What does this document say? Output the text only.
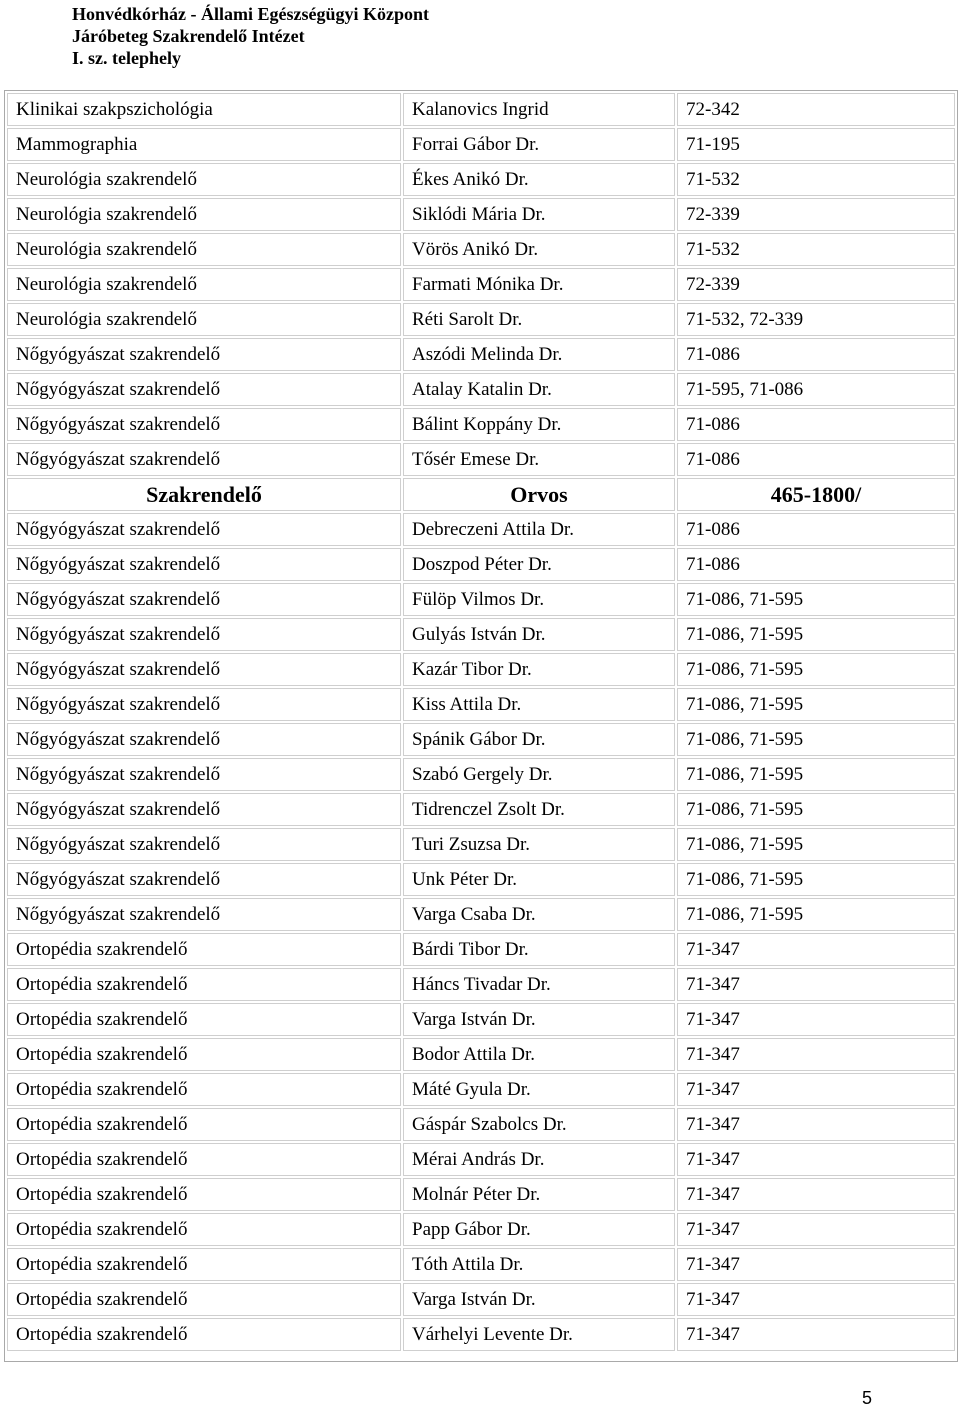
Honvédkórház - Állami Egészségügyi Központ
Járóbeteg Szakrendelő Intézet
I. sz. telephely
Klinikai szakpszichológia	Kalanovics Ingrid	72-342
Mammographia	Forrai Gábor Dr.	71-195
Neurológia szakrendelő	Ékes Anikó Dr.	71-532
Neurológia szakrendelő	Siklódi Mária Dr.	72-339
Neurológia szakrendelő	Vörös Anikó Dr.	71-532
Neurológia szakrendelő	Farmati Mónika Dr.	72-339
Neurológia szakrendelő	Réti Sarolt Dr.	71-532, 72-339
Nőgyógyászat szakrendelő	Aszódi Melinda Dr.	71-086
Nőgyógyászat szakrendelő	Atalay Katalin Dr.	71-595, 71-086
Nőgyógyászat szakrendelő	Bálint Koppány Dr.	71-086
Nőgyógyászat szakrendelő	Tősér Emese Dr.	71-086
Szakrendelő	Orvos	465-1800/
Nőgyógyászat szakrendelő	Debreczeni Attila Dr.	71-086
Nőgyógyászat szakrendelő	Doszpod Péter Dr.	71-086
Nőgyógyászat szakrendelő	Fülöp Vilmos Dr.	71-086, 71-595
Nőgyógyászat szakrendelő	Gulyás István Dr.	71-086, 71-595
Nőgyógyászat szakrendelő	Kazár Tibor Dr.	71-086, 71-595
Nőgyógyászat szakrendelő	Kiss Attila Dr.	71-086, 71-595
Nőgyógyászat szakrendelő	Spánik Gábor Dr.	71-086, 71-595
Nőgyógyászat szakrendelő	Szabó Gergely Dr.	71-086, 71-595
Nőgyógyászat szakrendelő	Tidrenczel Zsolt Dr.	71-086, 71-595
Nőgyógyászat szakrendelő	Turi Zsuzsa Dr.	71-086, 71-595
Nőgyógyászat szakrendelő	Unk Péter Dr.	71-086, 71-595
Nőgyógyászat szakrendelő	Varga Csaba Dr.	71-086, 71-595
Ortopédia szakrendelő	Bárdi Tibor Dr.	71-347
Ortopédia szakrendelő	Háncs Tivadar Dr.	71-347
Ortopédia szakrendelő	Varga István Dr.	71-347
Ortopédia szakrendelő	Bodor Attila Dr.	71-347
Ortopédia szakrendelő	Máté Gyula Dr.	71-347
Ortopédia szakrendelő	Gáspár Szabolcs Dr.	71-347
Ortopédia szakrendelő	Mérai András Dr.	71-347
Ortopédia szakrendelő	Molnár Péter Dr.	71-347
Ortopédia szakrendelő	Papp Gábor Dr.	71-347
Ortopédia szakrendelő	Tóth Attila Dr.	71-347
Ortopédia szakrendelő	Varga István Dr.	71-347
Ortopédia szakrendelő	Várhelyi Levente Dr.	71-347
5
